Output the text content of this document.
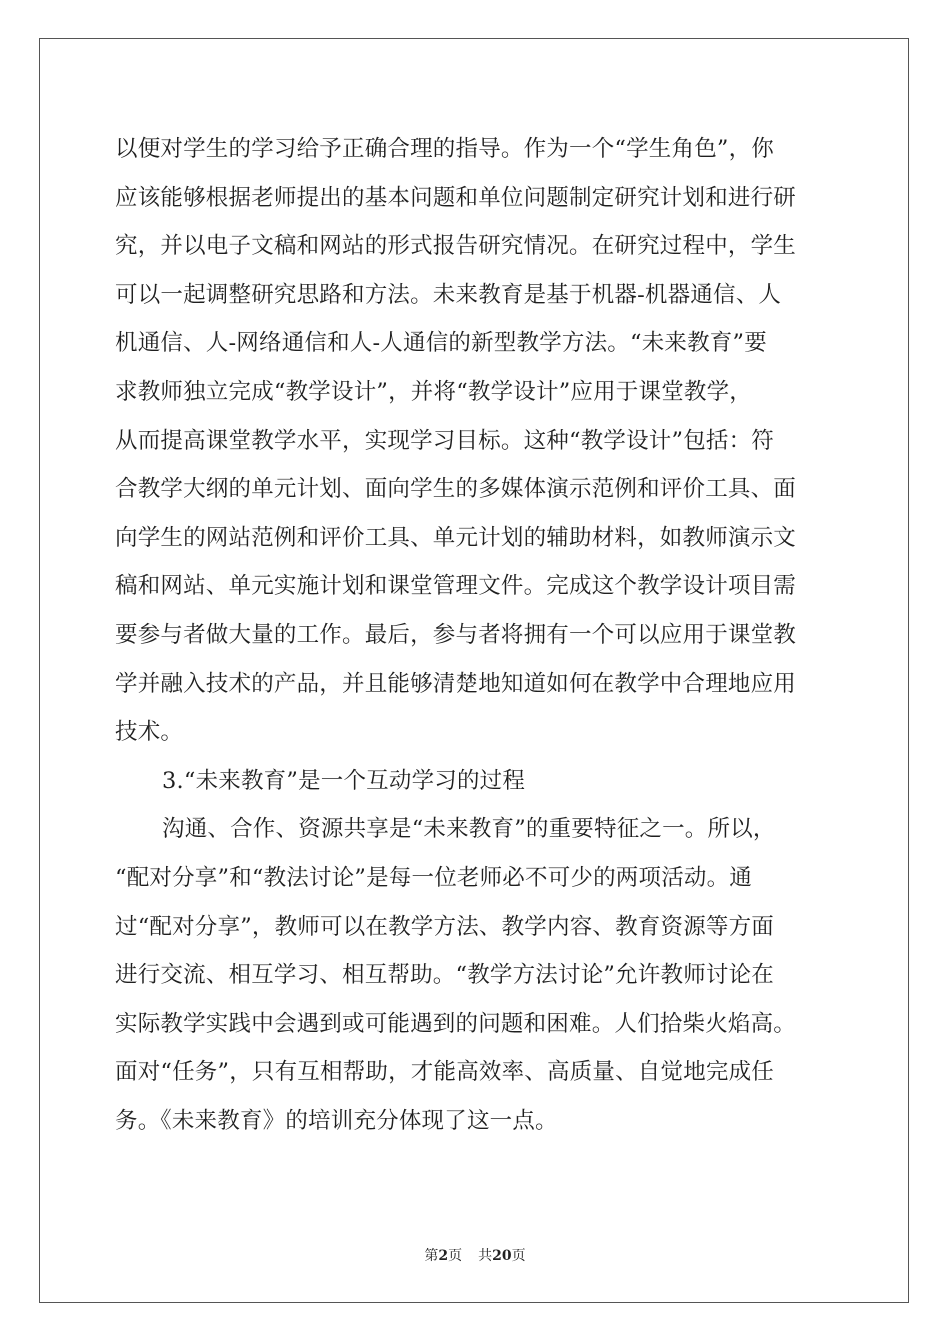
以便对学生的学习给予正确合理的指导。作为一个“学生角色”，你
应该能够根据老师提出的基本问题和单位问题制定研究计划和进行研
究，并以电子文稿和网站的形式报告研究情况。在研究过程中，学生
可以一起调整研究思路和方法。未来教育是基于机器-机器通信、人
机通信、人-网络通信和人-人通信的新型教学方法。“未来教育”要
求教师独立完成“教学设计”，并将“教学设计”应用于课堂教学，
从而提高课堂教学水平，实现学习目标。这种“教学设计”包括：符
合教学大纲的单元计划、面向学生的多媒体演示范例和评价工具、面
向学生的网站范例和评价工具、单元计划的辅助材料，如教师演示文
稿和网站、单元实施计划和课堂管理文件。完成这个教学设计项目需
要参与者做大量的工作。最后，参与者将拥有一个可以应用于课堂教
学并融入技术的产品，并且能够清楚地知道如何在教学中合理地应用
技术。
3.“未来教育”是一个互动学习的过程
沟通、合作、资源共享是“未来教育”的重要特征之一。所以，
“配对分享”和“教法讨论”是每一位老师必不可少的两项活动。通
过“配对分享”，教师可以在教学方法、教学内容、教育资源等方面
进行交流、相互学习、相互帮助。“教学方法讨论”允许教师讨论在
实际教学实践中会遇到或可能遇到的问题和困难。人们拾柴火焰高。
面对“任务”，只有互相帮助，才能高效率、高质量、自觉地完成任
务。《未来教育》的培训充分体现了这一点。
第2页 共20页
